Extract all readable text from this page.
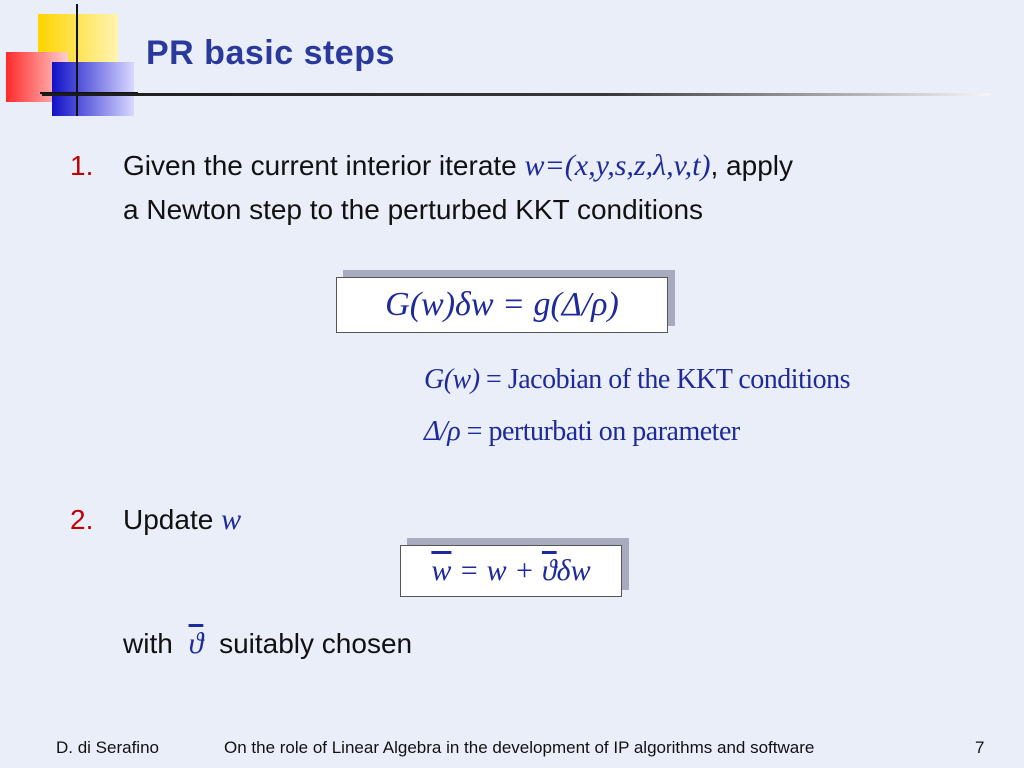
PR basic steps
1. Given the current interior iterate w=(x,y,s,z,λ,v,t), apply
a Newton step to the perturbed KKT conditions
G(w)δw = g(Δ/ρ)
G(w) = Jacobian of the KKT conditions
Δ/ρ = perturbati on parameter
2. Update w
$\overline{w} = w + \overline{ϑ}\delta w$
with $\overline{ϑ}$ suitably chosen
D. di Serafino	On the role of Linear Algebra in the development of IP algorithms and software	7
